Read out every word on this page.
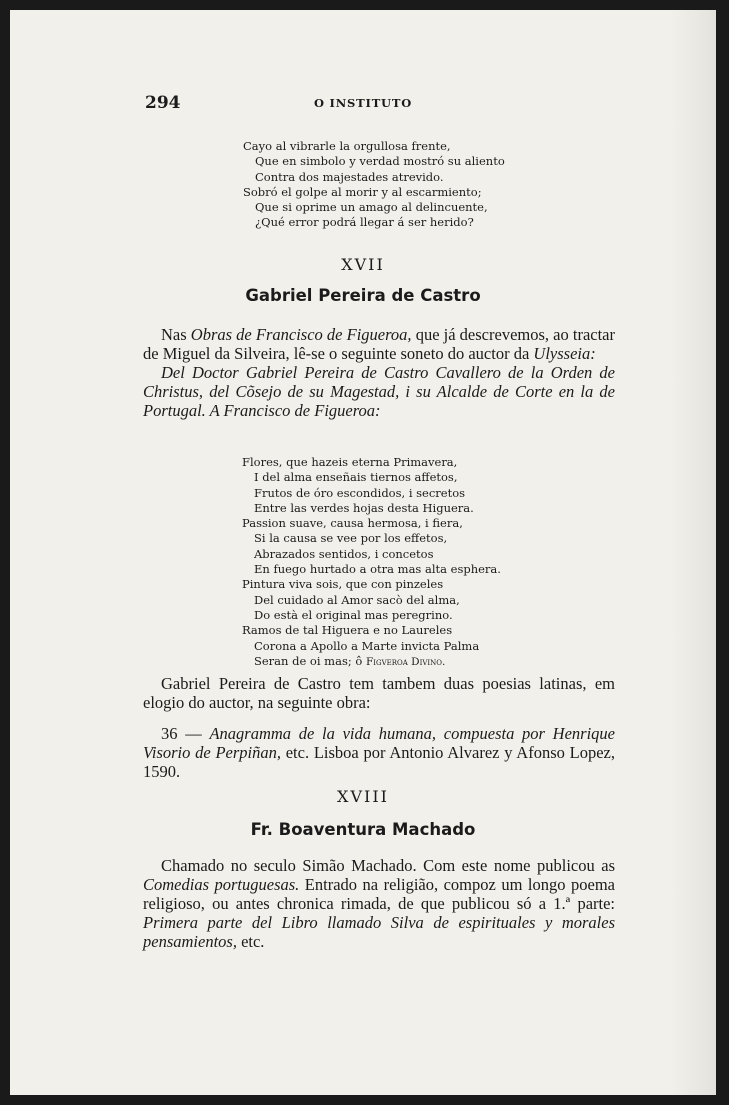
294	O INSTITUTO
Cayo al vibrarle la orgullosa frente,
Que en simbolo y verdad mostró su aliento
Contra dos majestades atrevido.
Sobró el golpe al morir y al escarmiento;
Que si oprime un amago al delincuente,
¿Qué error podrá llegar á ser herido?
XVII
Gabriel Pereira de Castro

Nas Obras de Francisco de Figueroa, que já descrevemos, ao tractar de Miguel da Silveira, lê-se o seguinte soneto do auctor da Ulysseia:

Del Doctor Gabriel Pereira de Castro Cavallero de la Orden de Christus, del Cõsejo de su Magestad, i su Alcalde de Corte en la de Portugal. A Francisco de Figueroa:

Flores, que hazeis eterna Primavera,
I del alma enseñais tiernos affetos,
Frutos de óro escondidos, i secretos
Entre las verdes hojas desta Higuera.
Passion suave, causa hermosa, i fiera,
Si la causa se vee por los effetos,
Abrazados sentidos, i concetos
En fuego hurtado a otra mas alta esphera.
Pintura viva sois, que con pinzeles
Del cuidado al Amor sacò del alma,
Do està el original mas peregrino.
Ramos de tal Higuera e no Laureles
Corona a Apollo a Marte invicta Palma
Seran de oi mas; ô Figveroa Divino.

Gabriel Pereira de Castro tem tambem duas poesias latinas, em elogio do auctor, na seguinte obra:

36 — Anagramma de la vida humana, compuesta por Henrique Visorio de Perpiñan, etc. Lisboa por Antonio Alvarez y Afonso Lopez, 1590.

XVIII
Fr. Boaventura Machado

Chamado no seculo Simão Machado. Com este nome publicou as Comedias portuguesas. Entrado na religião, compoz um longo poema religioso, ou antes chronica rimada, de que publicou só a 1.ª parte: Primera parte del Libro llamado Silva de espirituales y morales pensamientos, etc.
